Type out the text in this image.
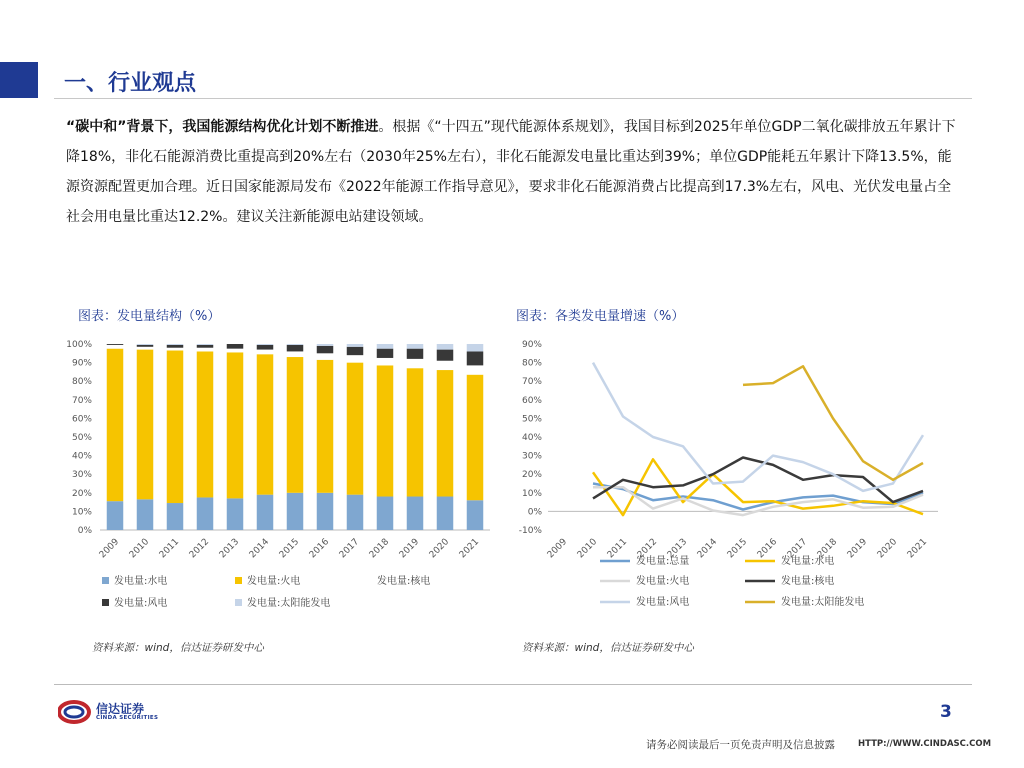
一、行业观点

“碳中和”背景下，我国能源结构优化计划不断推进。根据《“十四五”现代能源体系规划》，我国目标到2025年单位GDP二氧化碳排放五年累计下降18%，非化石能源消费比重提高到20%左右（2030年25%左右），非化石能源发电量比重达到39%；单位GDP能耗五年累计下降13.5%，能源资源配置更加合理。近日国家能源局发布《2022年能源工作指导意见》，要求非化石能源消费占比提高到17.3%左右，风电、光伏发电量占全社会用电量比重达12.2%。建议关注新能源电站建设领域。

图表：发电量结构（%）	图表：各类发电量增速（%）
0%
10%
20%
30%
40%
50%
60%
70%
80%
90%
100%
2009 2010 2011 2012 2013 2014 2015 2016 2017 2018 2019 2020 2021
发电量:水电	发电量:火电	发电量:核电
发电量:风电	发电量:太阳能发电
-10%
0%
10%
20%
30%
40%
50%
60%
70%
80%
90%
2009 2010 2011 2012 2013 2014 2015 2016 2017 2018 2019 2020 2021
发电量:总量	发电量:水电
发电量:火电	发电量:核电
发电量:风电	发电量:太阳能发电
资料来源：wind，信达证券研发中心	资料来源：wind，信达证券研发中心
信达证券
CINDA SECURITIES	3
请务必阅读最后一页免责声明及信息披露	HTTP://WWW.CINDASC.COM
